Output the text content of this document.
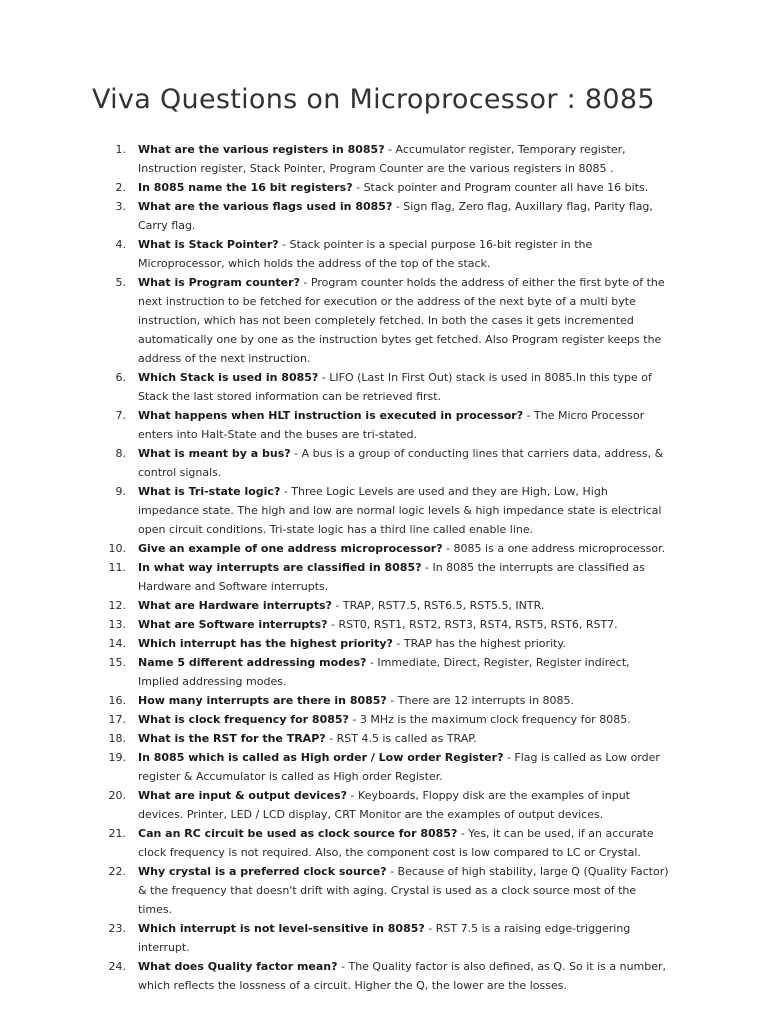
Viva Questions on Microprocessor : 8085
1. What are the various registers in 8085? - Accumulator register, Temporary register, Instruction register, Stack Pointer, Program Counter are the various registers in 8085 .
2. In 8085 name the 16 bit registers? - Stack pointer and Program counter all have 16 bits.
3. What are the various flags used in 8085? - Sign flag, Zero flag, Auxillary flag, Parity flag, Carry flag.
4. What is Stack Pointer? - Stack pointer is a special purpose 16-bit register in the Microprocessor, which holds the address of the top of the stack.
5. What is Program counter? - Program counter holds the address of either the first byte of the next instruction to be fetched for execution or the address of the next byte of a multi byte instruction, which has not been completely fetched. In both the cases it gets incremented automatically one by one as the instruction bytes get fetched. Also Program register keeps the address of the next instruction.
6. Which Stack is used in 8085? - LIFO (Last In First Out) stack is used in 8085.In this type of Stack the last stored information can be retrieved first.
7. What happens when HLT instruction is executed in processor? - The Micro Processor enters into Halt-State and the buses are tri-stated.
8. What is meant by a bus? - A bus is a group of conducting lines that carriers data, address, & control signals.
9. What is Tri-state logic? - Three Logic Levels are used and they are High, Low, High impedance state. The high and low are normal logic levels & high impedance state is electrical open circuit conditions. Tri-state logic has a third line called enable line.
10. Give an example of one address microprocessor? - 8085 is a one address microprocessor.
11. In what way interrupts are classified in 8085? - In 8085 the interrupts are classified as Hardware and Software interrupts.
12. What are Hardware interrupts? - TRAP, RST7.5, RST6.5, RST5.5, INTR.
13. What are Software interrupts? - RST0, RST1, RST2, RST3, RST4, RST5, RST6, RST7.
14. Which interrupt has the highest priority? - TRAP has the highest priority.
15. Name 5 different addressing modes? - Immediate, Direct, Register, Register indirect, Implied addressing modes.
16. How many interrupts are there in 8085? - There are 12 interrupts in 8085.
17. What is clock frequency for 8085? - 3 MHz is the maximum clock frequency for 8085.
18. What is the RST for the TRAP? - RST 4.5 is called as TRAP.
19. In 8085 which is called as High order / Low order Register? - Flag is called as Low order register & Accumulator is called as High order Register.
20. What are input & output devices? - Keyboards, Floppy disk are the examples of input devices. Printer, LED / LCD display, CRT Monitor are the examples of output devices.
21. Can an RC circuit be used as clock source for 8085? - Yes, it can be used, if an accurate clock frequency is not required. Also, the component cost is low compared to LC or Crystal.
22. Why crystal is a preferred clock source? - Because of high stability, large Q (Quality Factor) & the frequency that doesn't drift with aging. Crystal is used as a clock source most of the times.
23. Which interrupt is not level-sensitive in 8085? - RST 7.5 is a raising edge-triggering interrupt.
24. What does Quality factor mean? - The Quality factor is also defined, as Q. So it is a number, which reflects the lossness of a circuit. Higher the Q, the lower are the losses.
